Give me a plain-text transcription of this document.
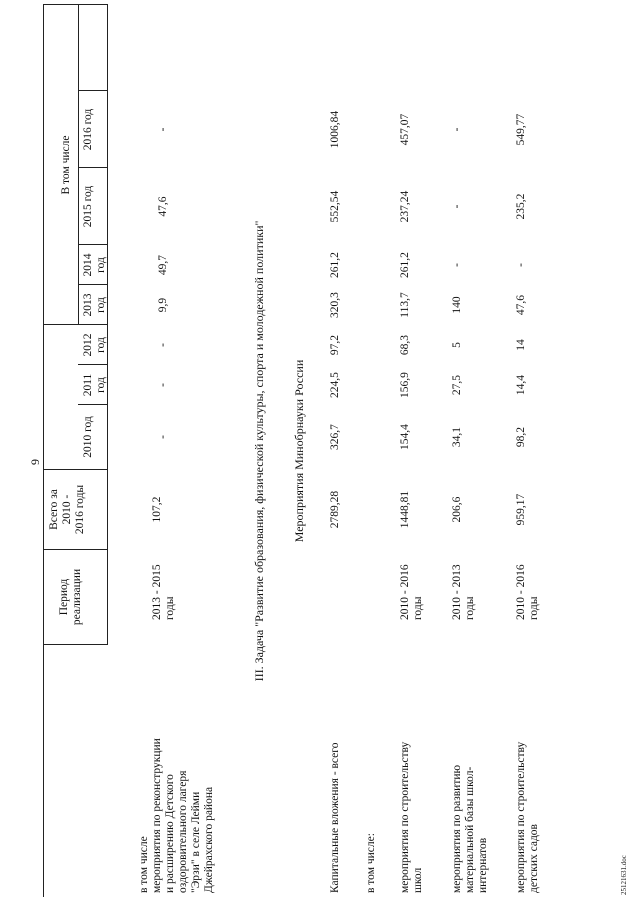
9
Период реализации
Всего за 2010 - 2016 годы
В том числе
2010 год
2011 год
2012 год
2013 год
2014 год
2015 год
2016 год
в том числе мероприятия по реконструкции и расширению Детского оздоровительного лагеря "Эрзи" в селе Лейми Джейрахского района
2013 - 2015 годы
107,2
-
-
-
9,9
49,7
47,6
-
III. Задача "Развитие образования, физической культуры, спорта и молодежной политики" Мероприятия Минобрнауки России
Капитальные вложения - всего
2789,28
326,7
224,5
97,2
320,3
261,2
552,54
1006,84
в том числе: мероприятия по строительству школ
2010 - 2016 годы
1448,81
154,4
156,9
68,3
113,7
261,2
237,24
457,07
мероприятия по развитию материальной базы школ- интернатов
2010 - 2013 годы
206,6
34,1
27,5
5
140
-
-
-
мероприятия по строительству детских садов
2010 - 2016 годы
959,17
98,2
14,4
14
47,6
-
235,2
549,77
25121631.doc
